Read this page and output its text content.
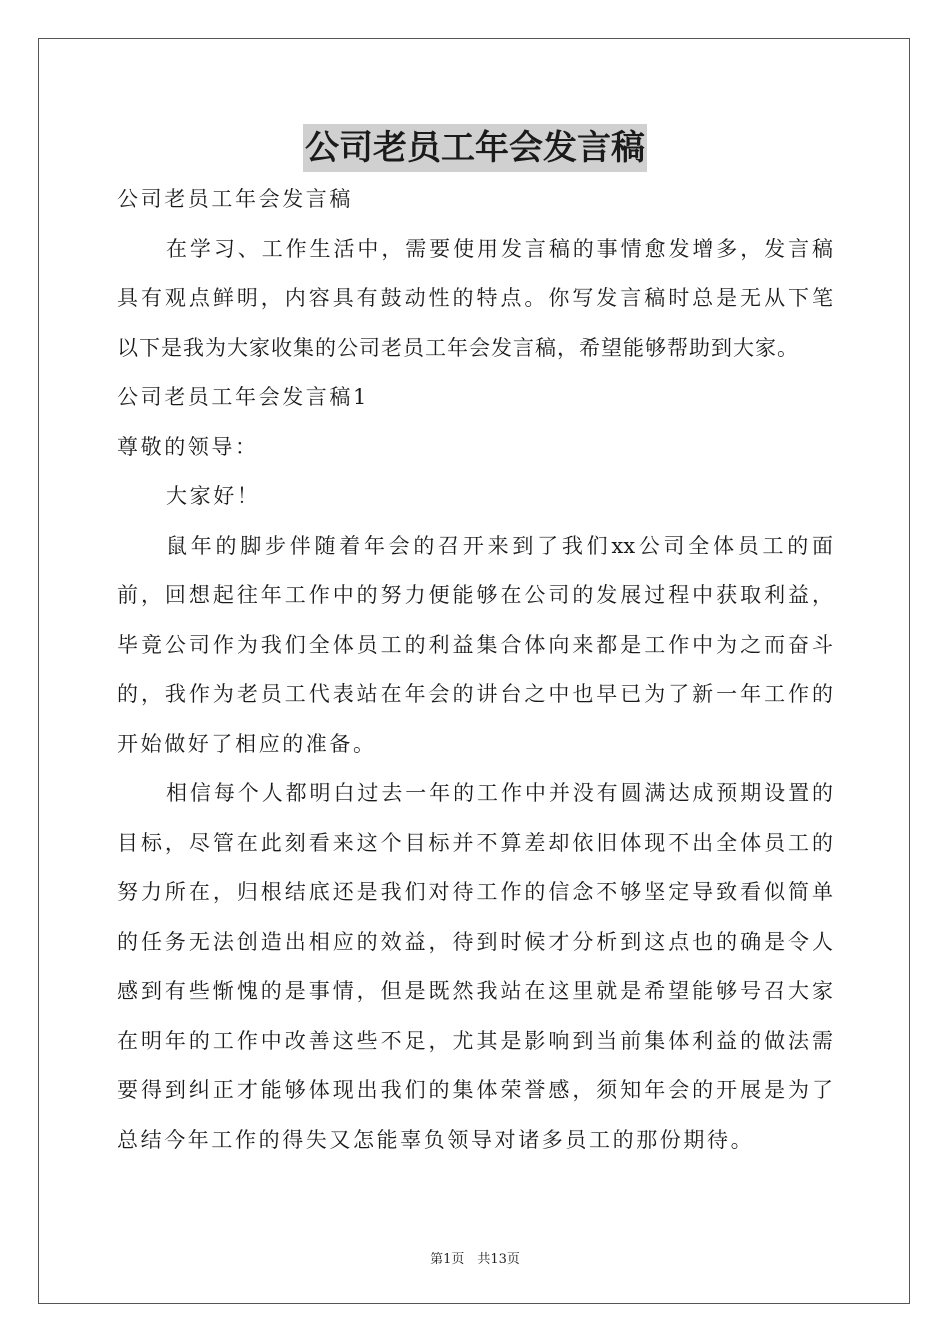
公司老员工年会发言稿
公司老员工年会发言稿
在学习、工作生活中，需要使用发言稿的事情愈发增多，发言稿
具有观点鲜明，内容具有鼓动性的特点。你写发言稿时总是无从下笔
以下是我为大家收集的公司老员工年会发言稿，希望能够帮助到大家。
公司老员工年会发言稿1
尊敬的领导：
大家好！
鼠年的脚步伴随着年会的召开来到了我们xx公司全体员工的面
前，回想起往年工作中的努力便能够在公司的发展过程中获取利益，
毕竟公司作为我们全体员工的利益集合体向来都是工作中为之而奋斗
的，我作为老员工代表站在年会的讲台之中也早已为了新一年工作的
开始做好了相应的准备。
相信每个人都明白过去一年的工作中并没有圆满达成预期设置的
目标，尽管在此刻看来这个目标并不算差却依旧体现不出全体员工的
努力所在，归根结底还是我们对待工作的信念不够坚定导致看似简单
的任务无法创造出相应的效益，待到时候才分析到这点也的确是令人
感到有些惭愧的是事情，但是既然我站在这里就是希望能够号召大家
在明年的工作中改善这些不足，尤其是影响到当前集体利益的做法需
要得到纠正才能够体现出我们的集体荣誉感，须知年会的开展是为了
总结今年工作的得失又怎能辜负领导对诸多员工的那份期待。
第1页　共13页
